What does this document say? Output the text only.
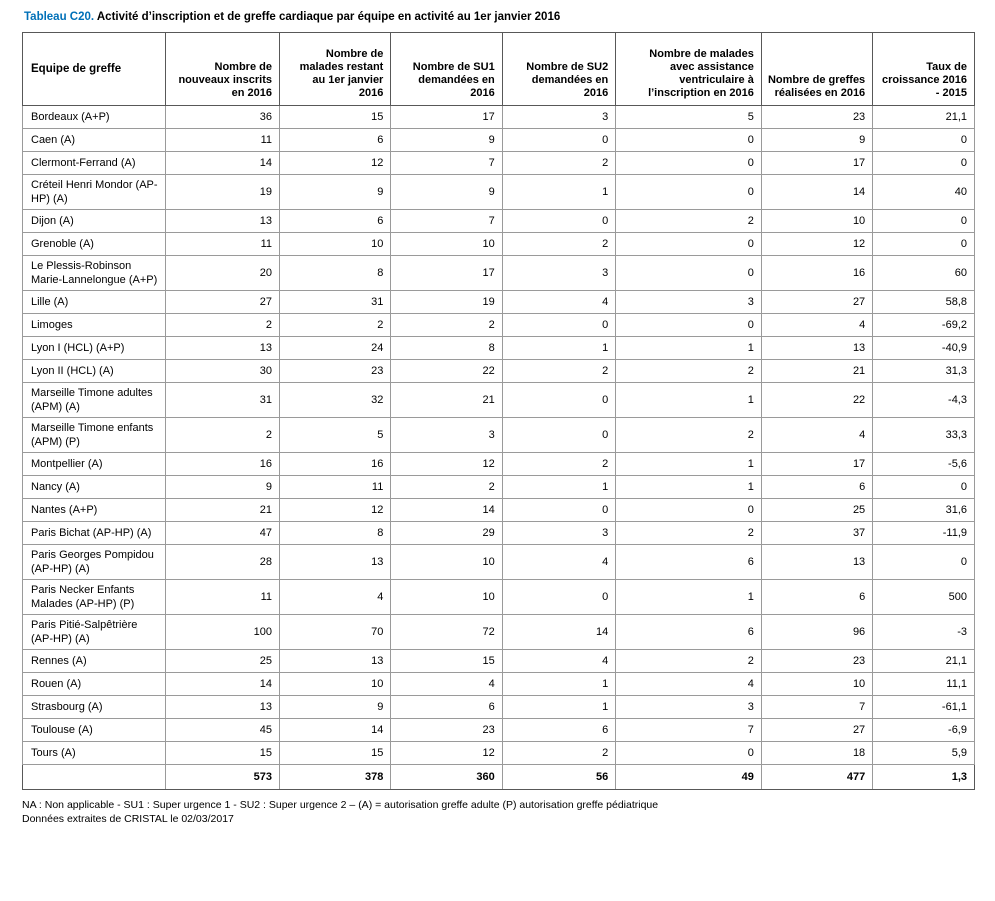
Tableau C20. Activité d’inscription et de greffe cardiaque par équipe en activité au 1er janvier 2016

Equipe de greffe	Nombre de nouveaux inscrits en 2016	Nombre de malades restant au 1er janvier 2016	Nombre de SU1 demandées en 2016	Nombre de SU2 demandées en 2016	Nombre de malades avec assistance ventriculaire à l’inscription en 2016	Nombre de greffes réalisées en 2016	Taux de croissance 2016 - 2015
Bordeaux (A+P)	36	15	17	3	5	23	21,1
Caen (A)	11	6	9	0	0	9	0
Clermont-Ferrand (A)	14	12	7	2	0	17	0
Créteil Henri Mondor (AP-HP) (A)	19	9	9	1	0	14	40
Dijon (A)	13	6	7	0	2	10	0
Grenoble (A)	11	10	10	2	0	12	0
Le Plessis-Robinson Marie-Lannelongue (A+P)	20	8	17	3	0	16	60
Lille (A)	27	31	19	4	3	27	58,8
Limoges	2	2	2	0	0	4	-69,2
Lyon I (HCL) (A+P)	13	24	8	1	1	13	-40,9
Lyon II (HCL) (A)	30	23	22	2	2	21	31,3
Marseille Timone adultes (APM) (A)	31	32	21	0	1	22	-4,3
Marseille Timone enfants (APM) (P)	2	5	3	0	2	4	33,3
Montpellier (A)	16	16	12	2	1	17	-5,6
Nancy (A)	9	11	2	1	1	6	0
Nantes (A+P)	21	12	14	0	0	25	31,6
Paris Bichat (AP-HP) (A)	47	8	29	3	2	37	-11,9
Paris Georges Pompidou (AP-HP) (A)	28	13	10	4	6	13	0
Paris Necker Enfants Malades (AP-HP) (P)	11	4	10	0	1	6	500
Paris Pitié-Salpêtrière (AP-HP) (A)	100	70	72	14	6	96	-3
Rennes (A)	25	13	15	4	2	23	21,1
Rouen (A)	14	10	4	1	4	10	11,1
Strasbourg (A)	13	9	6	1	3	7	-61,1
Toulouse (A)	45	14	23	6	7	27	-6,9
Tours (A)	15	15	12	2	0	18	5,9
	573	378	360	56	49	477	1,3
NA : Non applicable - SU1 : Super urgence 1 - SU2 : Super urgence 2 – (A) = autorisation greffe adulte (P) autorisation greffe pédiatrique
Données extraites de CRISTAL le 02/03/2017
